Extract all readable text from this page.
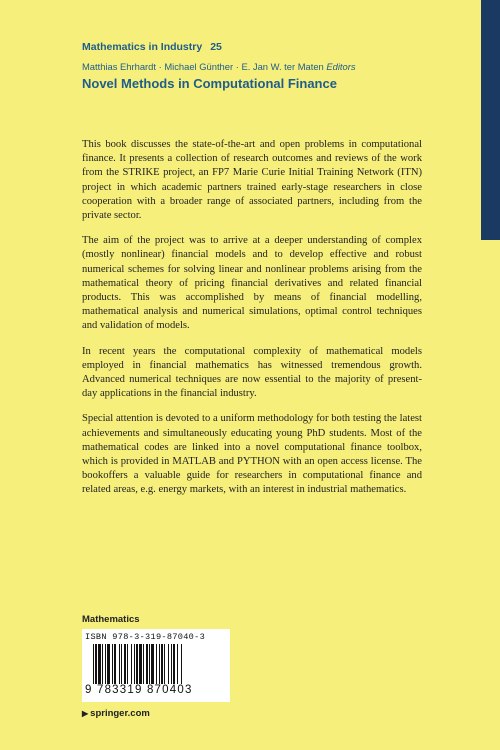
Mathematics in Industry 25
Matthias Ehrhardt · Michael Günther · E. Jan W. ter Maten Editors
Novel Methods in Computational Finance

This book discusses the state-of-the-art and open problems in computational finance. It presents a collection of research outcomes and reviews of the work from the STRIKE project, an FP7 Marie Curie Initial Training Network (ITN) project in which academic partners trained early-stage researchers in close cooperation with a broader range of associated partners, including from the private sector.

The aim of the project was to arrive at a deeper understanding of complex (mostly nonlinear) financial models and to develop effective and robust numerical schemes for solving linear and nonlinear problems arising from the mathematical theory of pricing financial derivatives and related financial products. This was accomplished by means of financial modelling, mathematical analysis and numerical simulations, optimal control techniques and validation of models.

In recent years the computational complexity of mathematical models employed in financial mathematics has witnessed tremendous growth. Advanced numerical techniques are now essential to the majority of present-day applications in the financial industry.

Special attention is devoted to a uniform methodology for both testing the latest achievements and simultaneously educating young PhD students. Most of the mathematical codes are linked into a novel computational finance toolbox, which is provided in MATLAB and PYTHON with an open access license. The bookoffers a valuable guide for researchers in computational finance and related areas, e.g. energy markets, with an interest in industrial mathematics.

Mathematics
ISBN 978-3-319-87040-3
9 783319 870403
▶ springer.com
